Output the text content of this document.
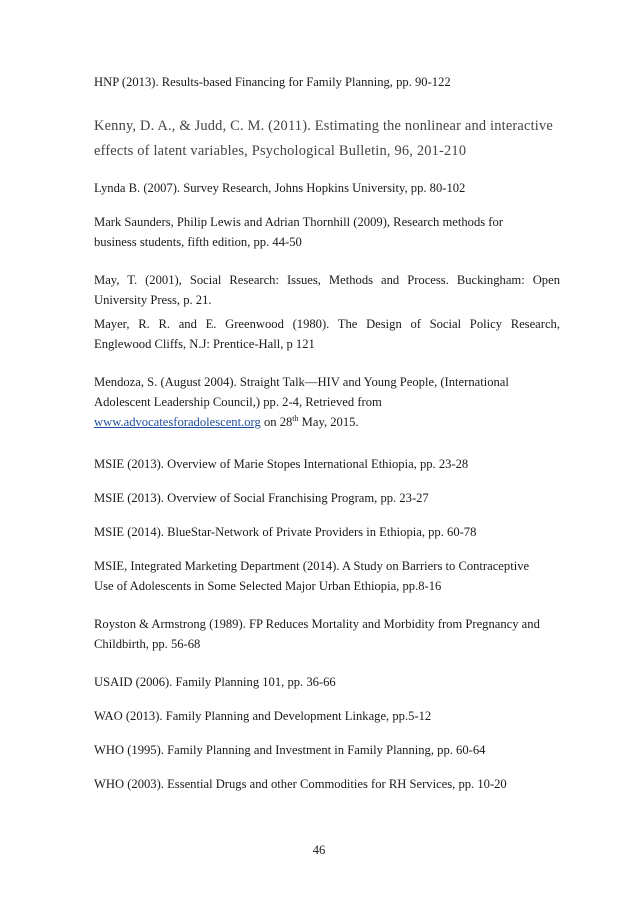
HNP (2013). Results-based Financing for Family Planning, pp. 90-122

Kenny, D. A., & Judd, C. M. (2011). Estimating the nonlinear and interactive
effects of latent variables, Psychological Bulletin, 96, 201-210

Lynda B. (2007). Survey Research, Johns Hopkins University, pp. 80-102

Mark Saunders, Philip Lewis and Adrian Thornhill (2009), Research methods for
business students, fifth edition, pp. 44-50

May, T. (2001), Social Research: Issues, Methods and Process. Buckingham: Open
University Press, p. 21.

Mayer, R. R. and E. Greenwood (1980). The Design of Social Policy Research,
Englewood Cliffs, N.J: Prentice-Hall, p 121

Mendoza, S. (August 2004). Straight Talk—HIV and Young People, (International
Adolescent Leadership Council,) pp. 2-4, Retrieved from
www.advocatesforadolescent.org on 28th May, 2015.

MSIE (2013). Overview of Marie Stopes International Ethiopia, pp. 23-28

MSIE (2013). Overview of Social Franchising Program, pp. 23-27

MSIE (2014). BlueStar-Network of Private Providers in Ethiopia, pp. 60-78

MSIE, Integrated Marketing Department (2014). A Study on Barriers to Contraceptive
Use of Adolescents in Some Selected Major Urban Ethiopia, pp.8-16

Royston & Armstrong (1989). FP Reduces Mortality and Morbidity from Pregnancy and
Childbirth, pp. 56-68

USAID (2006). Family Planning 101, pp. 36-66

WAO (2013). Family Planning and Development Linkage, pp.5-12

WHO (1995). Family Planning and Investment in Family Planning, pp. 60-64

WHO (2003). Essential Drugs and other Commodities for RH Services, pp. 10-20

46
